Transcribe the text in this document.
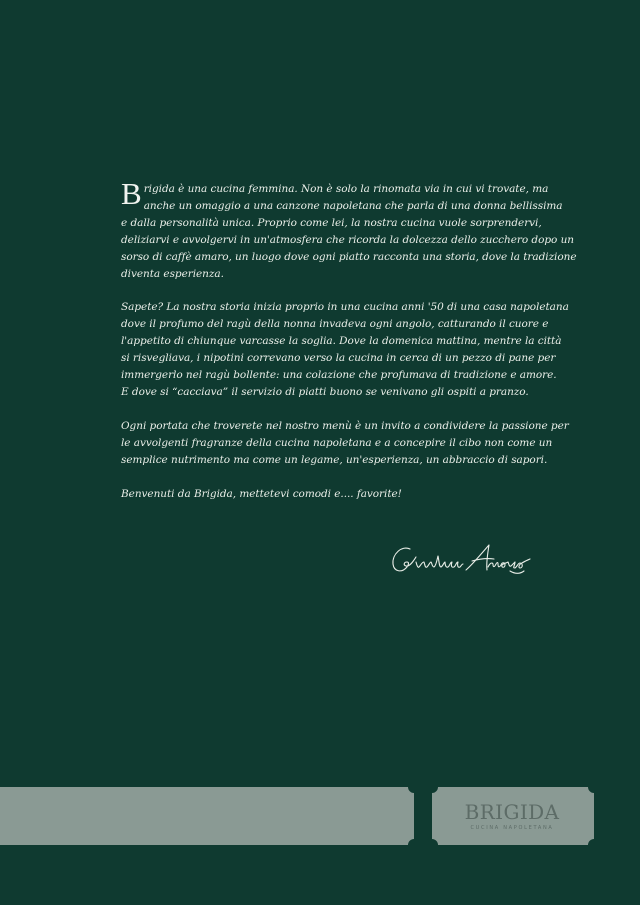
Brigida è una cucina femmina. Non è solo la rinomata via in cui vi trovate, ma
anche un omaggio a una canzone napoletana che parla di una donna bellissima
e dalla personalità unica. Proprio come lei, la nostra cucina vuole sorprendervi,
deliziarvi e avvolgervi in un'atmosfera che ricorda la dolcezza dello zucchero dopo un
sorso di caffè amaro, un luogo dove ogni piatto racconta una storia, dove la tradizione
diventa esperienza.

Sapete? La nostra storia inizia proprio in una cucina anni '50 di una casa napoletana
dove il profumo del ragù della nonna invadeva ogni angolo, catturando il cuore e
l'appetito di chiunque varcasse la soglia. Dove la domenica mattina, mentre la città
si risvegliava, i nipotini correvano verso la cucina in cerca di un pezzo di pane per
immergerlo nel ragù bollente: una colazione che profumava di tradizione e amore.
E dove si “cacciava” il servizio di piatti buono se venivano gli ospiti a pranzo.

Ogni portata che troverete nel nostro menù è un invito a condividere la passione per
le avvolgenti fragranze della cucina napoletana e a concepire il cibo non come un
semplice nutrimento ma come un legame, un'esperienza, un abbraccio di sapori.

Benvenuti da Brigida, mettetevi comodi e.... favorite!

BRIGIDA
CUCINA NAPOLETANA
